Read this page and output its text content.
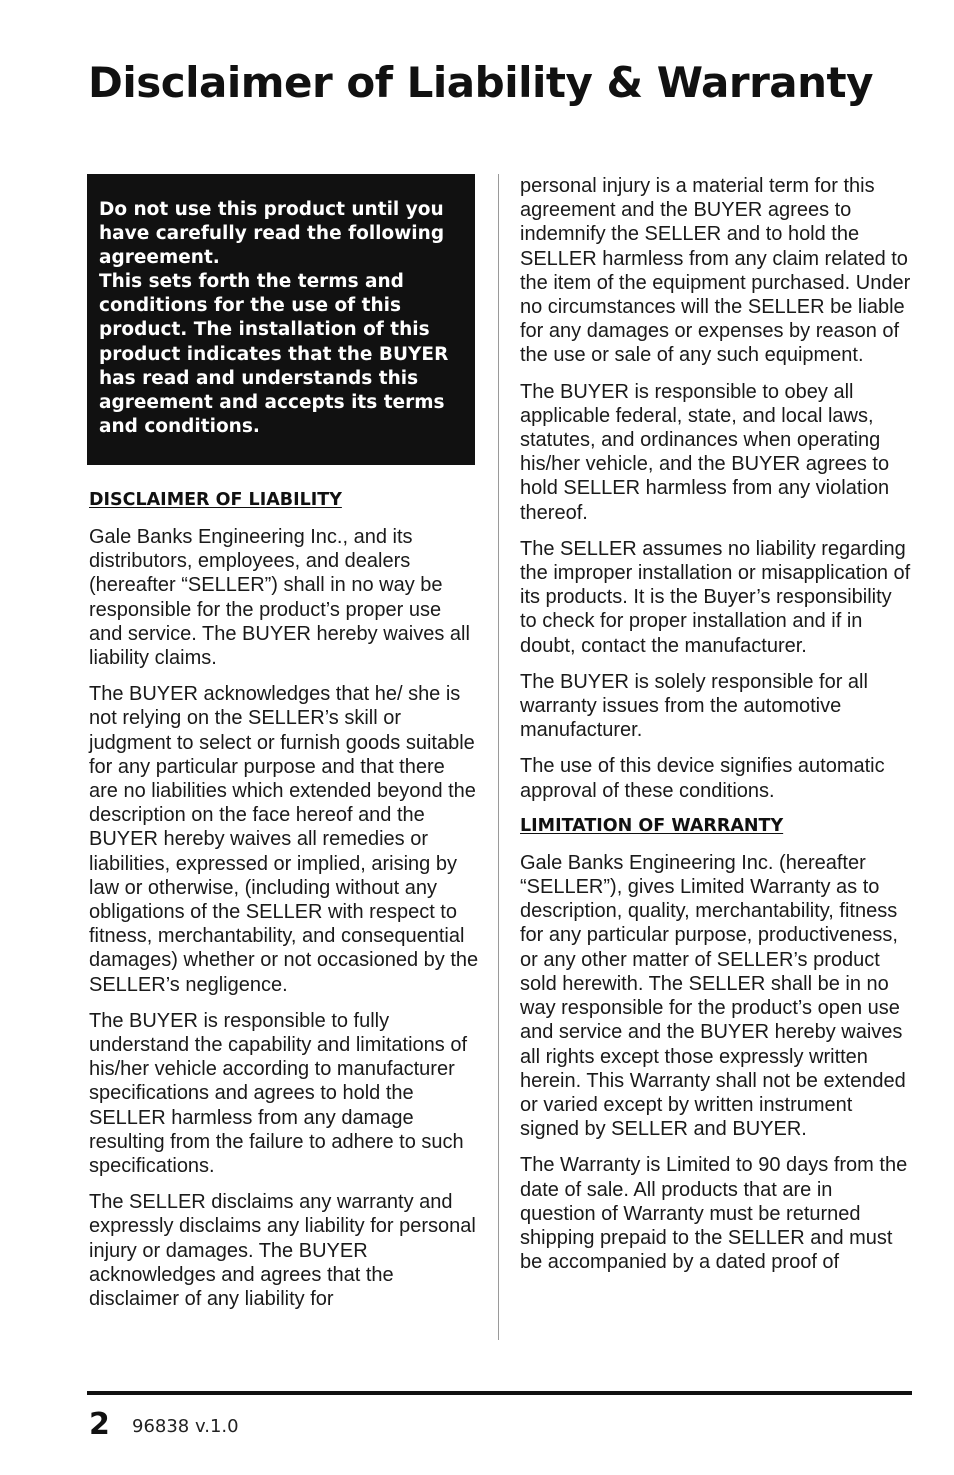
Disclaimer of Liability & Warranty

Do not use this product until you have carefully read the following agreement.

This sets forth the terms and conditions for the use of this product. The installation of this product indicates that the BUYER has read and understands this agreement and accepts its terms and conditions.

DISCLAIMER OF LIABILITY

Gale Banks Engineering Inc., and its distributors, employees, and dealers (hereafter “SELLER”) shall in no way be responsible for the product’s proper use and service. The BUYER hereby waives all liability claims.

The BUYER acknowledges that he/ she is not relying on the SELLER’s skill or judgment to select or furnish goods suitable for any particular purpose and that there are no liabilities which extended beyond the description on the face hereof and the BUYER hereby waives all remedies or liabilities, expressed or implied, arising by law or otherwise, (including without any obligations of the SELLER with respect to fitness, merchantability, and consequential damages) whether or not occasioned by the SELLER’s negligence.

The BUYER is responsible to fully understand the capability and limitations of his/her vehicle according to manufacturer specifications and agrees to hold the SELLER harmless from any damage resulting from the failure to adhere to such specifications.

The SELLER disclaims any warranty and expressly disclaims any liability for personal injury or damages. The BUYER acknowledges and agrees that the disclaimer of any liability for

personal injury is a material term for this agreement and the BUYER agrees to indemnify the SELLER and to hold the SELLER harmless from any claim related to the item of the equipment purchased. Under no circumstances will the SELLER be liable for any damages or expenses by reason of the use or sale of any such equipment.

The BUYER is responsible to obey all applicable federal, state, and local laws, statutes, and ordinances when operating his/her vehicle, and the BUYER agrees to hold SELLER harmless from any violation thereof.

The SELLER assumes no liability regarding the improper installation or misapplication of its products. It is the Buyer’s responsibility to check for proper installation and if in doubt, contact the manufacturer.

The BUYER is solely responsible for all warranty issues from the automotive manufacturer.

The use of this device signifies automatic approval of these conditions.

LIMITATION OF WARRANTY

Gale Banks Engineering Inc. (hereafter “SELLER”), gives Limited Warranty as to description, quality, merchantability, fitness for any particular purpose, productiveness, or any other matter of SELLER’s product sold herewith. The SELLER shall be in no way responsible for the product’s open use and service and the BUYER hereby waives all rights except those expressly written herein. This Warranty shall not be extended or varied except by written instrument signed by SELLER and BUYER.

The Warranty is Limited to 90 days from the date of sale. All products that are in question of Warranty must be returned shipping prepaid to the SELLER and must be accompanied by a dated proof of

2 96838 v.1.0
